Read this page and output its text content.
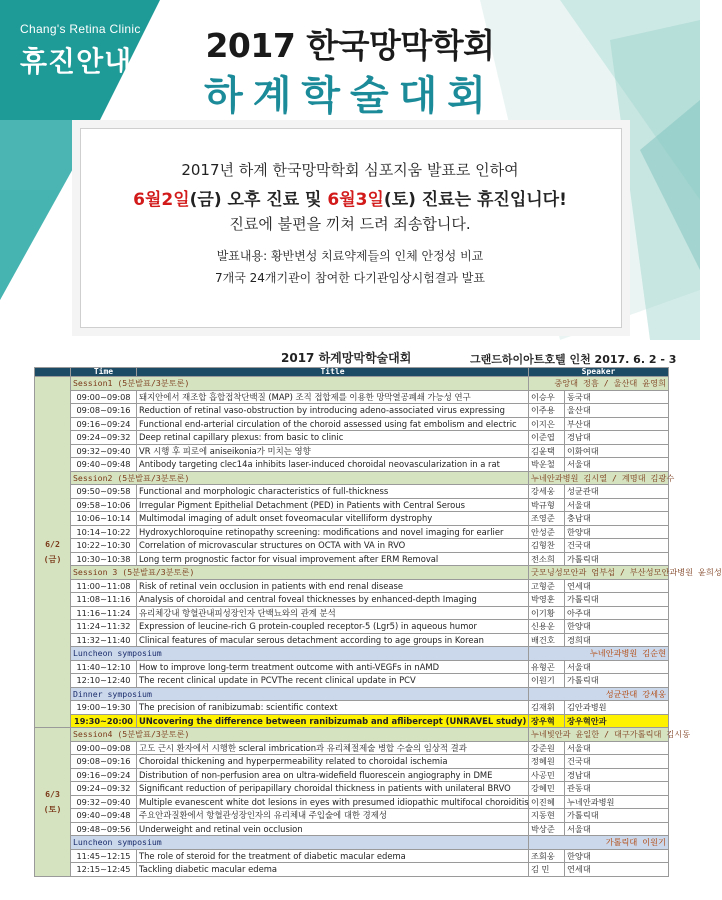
Chang's Retina Clinic
휴진안내	2017 한국망막학회
하계학술대회
2017년 하계 한국망막학회 심포지움 발표로 인하여
6월2일(금) 오후 진료 및 6월3일(토) 진료는 휴진입니다!
진료에 불편을 끼쳐 드려 죄송합니다.
발표내용: 황반변성 치료약제들의 인체 안정성 비교
7개국 24개기관이 참여한 다기관임상시험결과 발표
2017 하계망막학술대회	그랜드하이아트호텔 인천 2017. 6. 2 - 3
	Time	Title	Speaker	
6/2 (금)	Session1 (5분발표/3분토론)		중앙대 정흠 / 울산대 윤영희	
	09:00~09:08	돼지안에서 재조합 흡합접착단백질 (MAP) 조직 접합제를 이용한 망막열공폐쇄 가능성 연구	이승우	동국대
	09:08~09:16	Reduction of retinal vaso-obstruction by introducing adeno-associated virus expressing	이주용	울산대
	09:16~09:24	Functional end-arterial circulation of the choroid assessed using fat embolism and electric	이지은	부산대
	09:24~09:32	Deep retinal capillary plexus: from basic to clinic	이준엽	경남대
	09:32~09:40	VR 시행 후 피로에 aniseikonia가 미치는 영향	김윤택	이화여대
	09:40~09:48	Antibody targeting clec14a inhibits laser-induced choroidal neovascularization in a rat	박운철	서울대
	Session2 (5분발표/3분토론)		누네안과병원 김시열 / 계명대 김광수	
	09:50~09:58	Functional and morphologic characteristics of full-thickness	강세웅	성균관대
	09:58~10:06	Irregular Pigment Epithelial Detachment (PED) in Patients with Central Serous	박규형	서울대
	10:06~10:14	Multimodal imaging of adult onset foveomacular vitelliform dystrophy	조영준	충남대
	10:14~10:22	Hydroxychloroquine retinopathy screening: modifications and novel imaging for earlier	안성준	한양대
	10:22~10:30	Correlation of microvascular structures on OCTA with VA in RVO	김형찬	건국대
	10:30~10:38	Long term prognostic factor for visual improvement after ERM Removal	전소희	가톨릭대
	Session 3 (5분발표/3분토론)		굿모닝성모안과 엄부섭 / 부산성모안과병원 윤희성	
	11:00~11:08	Risk of retinal vein occlusion in patients with end renal disease	고형준	연세대
	11:08~11:16	Analysis of choroidal and central foveal thicknesses by enhanced-depth Imaging	박영훈	가톨릭대
	11:16~11:24	유리체강내 항혈관내피성장인자 단백뇨와의 관계 분석	이기황	아주대
	11:24~11:32	Expression of leucine-rich G protein-coupled receptor-5 (Lgr5) in aqueous humor	신용운	한양대
	11:32~11:40	Clinical features of macular serous detachment according to age groups in Korean	배건호	경희대
	Luncheon symposium		누네안과병원 김순현	
	11:40~12:10	How to improve long-term treatment outcome with anti-VEGFs in nAMD	유형곤	서울대
	12:10~12:40	The recent clinical update in PCVThe recent clinical update in PCV	이원기	가톨릭대
	Dinner symposium		성균관대 강세웅	
	19:00~19:30	The precision of ranibizumab: scientific context	김재휘	김안과병원
	19:30~20:00	UNcovering the difference between ranibizumab and aflibercept (UNRAVEL study)	장우혁	장우혁안과
6/3 (토)	Session4 (5분발표/3분토론)		누네빛안과 윤일한 / 대구가톨릭대 김시동	
	09:00~09:08	고도 근시 환자에서 시행한 scleral imbrication과 유리체절제술 병합 수술의 임상적 결과	강준원	서울대
	09:08~09:16	Choroidal thickening and hyperpermeability related to choroidal ischemia	정혜원	건국대
	09:16~09:24	Distribution of non-perfusion area on ultra-widefield fluorescein angiography in DME	사공민	경남대
	09:24~09:32	Significant reduction of peripapillary choroidal thickness in patients with unilateral BRVO	강혜민	관동대
	09:32~09:40	Multiple evanescent white dot lesions in eyes with presumed idiopathic multifocal choroiditis	이진혜	누네안과병원
	09:40~09:48	주요안과질환에서 항혈관성장인자의 유리체내 주입술에 대한 경제성	지동현	가톨릭대
	09:48~09:56	Underweight and retinal vein occlusion	박상준	서울대
	Luncheon symposium		가톨릭대 이원기	
	11:45~12:15	The role of steroid for the treatment of diabetic macular edema	조회웅	한양대
	12:15~12:45	Tackling diabetic macular edema	김 민	연세대
